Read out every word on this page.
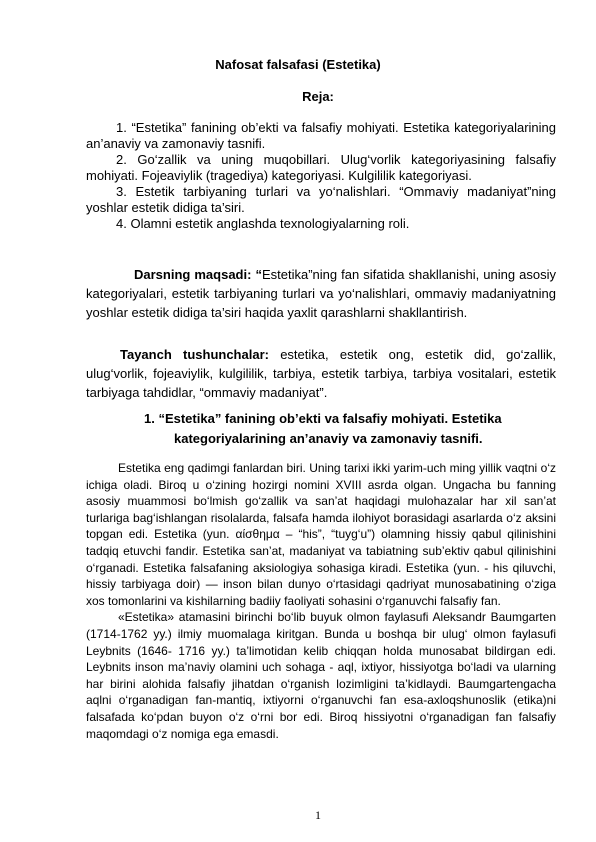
Nafosat falsafasi (Estetika)
Reja:

1. “Estetika” fanining ob’ekti va falsafiy mohiyati. Estetika kategoriyalarining an’anaviy va zamonaviy tasnifi.

2. Go‘zallik va uning muqobillari. Ulug‘vorlik kategoriyasining falsafiy mohiyati. Fojeaviylik (tragediya) kategoriyasi. Kulgililik kategoriyasi.

3. Estetik tarbiyaning turlari va yo‘nalishlari. “Ommaviy madaniyat”ning yoshlar estetik didiga ta’siri.

4. Olamni estetik anglashda texnologiyalarning roli.

Darsning maqsadi: “Estetika”ning fan sifatida shakllanishi, uning asosiy kategoriyalari, estetik tarbiyaning turlari va yo‘nalishlari, ommaviy madaniyatning yoshlar estetik didiga ta’siri haqida yaxlit qarashlarni shakllantirish.

Tayanch tushunchalar: estetika, estetik ong, estetik did, go‘zallik, ulug‘vorlik, fojeaviylik, kulgililik, tarbiya, estetik tarbiya, tarbiya vositalari, estetik tarbiyaga tahdidlar, “ommaviy madaniyat”.

1. “Estetika” fanining ob’ekti va falsafiy mohiyati. Estetika
kategoriyalarining an’anaviy va zamonaviy tasnifi.

Estetika eng qadimgi fanlardan biri. Uning tarixi ikki yarim-uch ming yillik vaqtni o‘z ichiga oladi. Biroq u o‘zining hozirgi nomini XVIII asrda olgan. Ungacha bu fanning asosiy muammosi bo‘lmish go‘zallik va san’at haqidagi mulohazalar har xil san’at turlariga bag‘ishlangan risolalarda, falsafa hamda ilohiyot borasidagi asarlarda o‘z aksini topgan edi. Estetika (yun. αίσθημα – “his”, “tuyg‘u”) olamning hissiy qabul qilinishini tadqiq etuvchi fandir. Estetika san’at, madaniyat va tabiatning sub’ektiv qabul qilinishini o‘rganadi. Estetika falsafaning aksiologiya sohasiga kiradi. Estetika (yun. - his qiluvchi, hissiy tarbiyaga doir) — inson bilan dunyo o‘rtasidagi qadriyat munosabatining o‘ziga xos tomonlarini va kishilarning badiiy faoliyati sohasini o‘rganuvchi falsafiy fan.

«Estetika» atamasini birinchi bo‘lib buyuk olmon faylasufi Aleksandr Baumgarten (1714-1762 yy.) ilmiy muomalaga kiritgan. Bunda u boshqa bir ulug‘ olmon faylasufi Leybnits (1646- 1716 yy.) ta’limotidan kelib chiqqan holda munosabat bildirgan edi. Leybnits inson ma’naviy olamini uch sohaga - aql, ixtiyor, hissiyotga bo‘ladi va ularning har birini alohida falsafiy jihatdan o‘rganish lozimligini ta’kidlaydi. Baumgartengacha aqlni o‘rganadigan fan-mantiq, ixtiyorni o‘rganuvchi fan esa-axloqshunoslik (etika)ni falsafada ko‘pdan buyon o‘z o‘rni bor edi. Biroq hissiyotni o‘rganadigan fan falsafiy maqomdagi o‘z nomiga ega emasdi.

1
